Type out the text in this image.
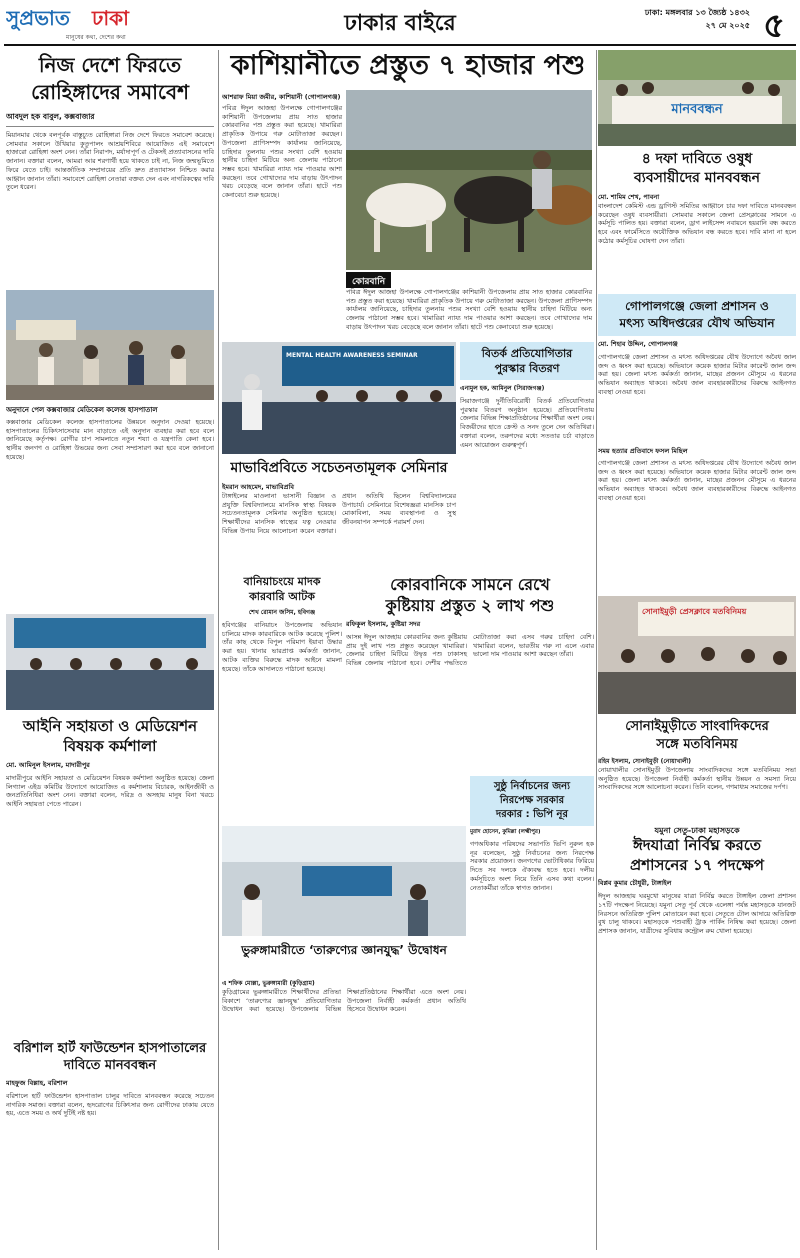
সুপ্রভাত ঢাকা
মানুষের কথা, দেশের কথা
ঢাকার বাইরে	ঢাকা: মঙ্গলবার ১৩ জ্যৈষ্ঠ ১৪৩২
২৭ মে ২০২৫ ৫
নিজ দেশে ফিরতে
রোহিঙ্গাদের সমাবেশ
আবদুল হক বাবুল, কক্সবাজার
মিয়ানমার থেকে বলপূর্বক বাস্তুচ্যুত রোহিঙ্গারা নিজ দেশে ফিরতে সমাবেশ করেছে। সোমবার সকালে উখিয়ার কুতুপালং আশ্রয়শিবিরে আয়োজিত এই সমাবেশে হাজারো রোহিঙ্গা অংশ নেন। তাঁরা নিরাপদ, মর্যাদাপূর্ণ ও টেকসই প্রত্যাবাসনের দাবি জানান। বক্তারা বলেন, আমরা আর শরণার্থী হয়ে থাকতে চাই না, নিজ জন্মভূমিতে ফিরে যেতে চাই। আন্তর্জাতিক সম্প্রদায়ের প্রতি দ্রুত প্রত্যাবাসন নিশ্চিত করার আহ্বান জানান তাঁরা। সমাবেশে রোহিঙ্গা নেতারা বক্তব্য দেন এবং নাগরিকত্বের দাবি তুলে ধরেন।
অনুদানে পেল কক্সবাজার মেডিকেল কলেজ হাসপাতাল
কক্সবাজার মেডিকেল কলেজ হাসপাতালের উন্নয়নে অনুদান দেওয়া হয়েছে। হাসপাতালের চিকিৎসাসেবার মান বাড়াতে এই অনুদান ব্যবহার করা হবে বলে জানিয়েছে কর্তৃপক্ষ। রোগীর চাপ সামলাতে নতুন শয্যা ও যন্ত্রপাতি কেনা হবে। স্থানীয় জনগণ ও রোহিঙ্গা উভয়ের জন্য সেবা সম্প্রসারণ করা হবে বলে জানানো হয়েছে।
কাশিয়ানীতে প্রস্তুত ৭ হাজার পশু
আশরাফ মিয়া জমীর, কাশিয়ানী (গোপালগঞ্জ)
পবিত্র ঈদুল আজহা উপলক্ষে গোপালগঞ্জের কাশিয়ানী উপজেলায় প্রায় সাত হাজার কোরবানির পশু প্রস্তুত করা হয়েছে। খামারিরা প্রাকৃতিক উপায়ে গরু মোটাতাজা করছেন। উপজেলা প্রাণিসম্পদ কার্যালয় জানিয়েছে, চাহিদার তুলনায় পশুর সংখ্যা বেশি হওয়ায় স্থানীয় চাহিদা মিটিয়ে অন্য জেলায় পাঠানো সম্ভব হবে। খামারিরা ন্যায্য দাম পাওয়ার আশা করছেন। তবে গোখাদ্যের দাম বাড়ায় উৎপাদন খরচ বেড়েছে বলে জানান তাঁরা। হাটে পশু কেনাবেচা শুরু হয়েছে।
কোরবানি
পবিত্র ঈদুল আজহা উপলক্ষে গোপালগঞ্জের কাশিয়ানী উপজেলায় প্রায় সাত হাজার কোরবানির পশু প্রস্তুত করা হয়েছে। খামারিরা প্রাকৃতিক উপায়ে গরু মোটাতাজা করছেন। উপজেলা প্রাণিসম্পদ কার্যালয় জানিয়েছে, চাহিদার তুলনায় পশুর সংখ্যা বেশি হওয়ায় স্থানীয় চাহিদা মিটিয়ে অন্য জেলায় পাঠানো সম্ভব হবে। খামারিরা ন্যায্য দাম পাওয়ার আশা করছেন। তবে গোখাদ্যের দাম বাড়ায় উৎপাদন খরচ বেড়েছে বলে জানান তাঁরা। হাটে পশু কেনাবেচা শুরু হয়েছে।
মানববন্ধন
৪ দফা দাবিতে ওষুধ
ব্যবসায়ীদের মানববন্ধন
মো. শামিম শেখ, পাবনা
বাংলাদেশ কেমিস্ট এন্ড ড্রাগিস্ট সমিতির আহ্বানে চার দফা দাবিতে মানববন্ধন করেছেন ওষুধ ব্যবসায়ীরা। সোমবার সকালে জেলা প্রেসক্লাবের সামনে এ কর্মসূচি পালিত হয়। বক্তারা বলেন, ড্রাগ লাইসেন্স নবায়নে হয়রানি বন্ধ করতে হবে এবং ফার্মেসিতে অযৌক্তিক অভিযান বন্ধ করতে হবে। দাবি মানা না হলে কঠোর কর্মসূচির ঘোষণা দেন তাঁরা।
MENTAL HEALTH AWARENESS SEMINAR	বিতর্ক প্রতিযোগিতার
পুরস্কার বিতরণ
এনামুল হক, আমিনুল (সিরাজগঞ্জ)
সিরাজগঞ্জে দুর্নীতিবিরোধী বিতর্ক প্রতিযোগিতার পুরস্কার বিতরণ অনুষ্ঠান হয়েছে। প্রতিযোগিতায় জেলার বিভিন্ন শিক্ষাপ্রতিষ্ঠানের শিক্ষার্থীরা অংশ নেয়। বিজয়ীদের হাতে ক্রেস্ট ও সনদ তুলে দেন অতিথিরা। বক্তারা বলেন, তরুণদের মধ্যে সততার চর্চা বাড়াতে এমন আয়োজন গুরুত্বপূর্ণ।
মাভাবিপ্রবিতে সচেতনতামূলক সেমিনার
ইমরান আহমেদ, মাভাবিপ্রবি
টাঙ্গাইলের মাওলানা ভাসানী বিজ্ঞান ও প্রযুক্তি বিশ্ববিদ্যালয়ে মানসিক স্বাস্থ্য বিষয়ক সচেতনতামূলক সেমিনার অনুষ্ঠিত হয়েছে। শিক্ষার্থীদের মানসিক স্বাস্থ্যের যত্ন নেওয়ার বিভিন্ন উপায় নিয়ে আলোচনা করেন বক্তারা। প্রধান অতিথি ছিলেন বিশ্ববিদ্যালয়ের উপাচার্য। সেমিনারে বিশেষজ্ঞরা মানসিক চাপ মোকাবিলা, সময় ব্যবস্থাপনা ও সুস্থ জীবনযাপন সম্পর্কে পরামর্শ দেন।
গোপালগঞ্জে জেলা প্রশাসন ও
মৎস্য অধিদপ্তরের যৌথ অভিযান
মো. শিহাব উদ্দিন, গোপালগঞ্জ
গোপালগঞ্জে জেলা প্রশাসন ও মৎস্য অধিদপ্তরের যৌথ উদ্যোগে অবৈধ জাল জব্দ ও ধ্বংস করা হয়েছে। অভিযানে কয়েক হাজার মিটার কারেন্ট জাল জব্দ করা হয়। জেলা মৎস্য কর্মকর্তা জানান, মাছের প্রজনন মৌসুমে এ ধরনের অভিযান অব্যাহত থাকবে। অবৈধ জাল ব্যবহারকারীদের বিরুদ্ধে আইনগত ব্যবস্থা নেওয়া হবে।
সময় হত্যার প্রতিবাদে ফসল মিছিল
গোপালগঞ্জে জেলা প্রশাসন ও মৎস্য অধিদপ্তরের যৌথ উদ্যোগে অবৈধ জাল জব্দ ও ধ্বংস করা হয়েছে। অভিযানে কয়েক হাজার মিটার কারেন্ট জাল জব্দ করা হয়। জেলা মৎস্য কর্মকর্তা জানান, মাছের প্রজনন মৌসুমে এ ধরনের অভিযান অব্যাহত থাকবে। অবৈধ জাল ব্যবহারকারীদের বিরুদ্ধে আইনগত ব্যবস্থা নেওয়া হবে।
বানিয়াচংয়ে মাদক
কারবারি আটক
শেখ রোমান জসিম, হবিগঞ্জ
হবিগঞ্জের বানিয়াচং উপজেলায় অভিযান চালিয়ে মাদক কারবারিকে আটক করেছে পুলিশ। তাঁর কাছ থেকে বিপুল পরিমাণ ইয়াবা উদ্ধার করা হয়। থানার ভারপ্রাপ্ত কর্মকর্তা জানান, আটক ব্যক্তির বিরুদ্ধে মাদক আইনে মামলা হয়েছে। তাঁকে আদালতে পাঠানো হয়েছে।
কোরবানিকে সামনে রেখে
কুষ্টিয়ায় প্রস্তুত ২ লাখ পশু
রফিকুল ইসলাম, কুষ্টিয়া সদর
আসন্ন ঈদুল আজহায় কোরবানির জন্য কুষ্টিয়ায় প্রায় দুই লাখ পশু প্রস্তুত করেছেন খামারিরা। জেলার চাহিদা মিটিয়ে উদ্বৃত্ত পশু ঢাকাসহ বিভিন্ন জেলায় পাঠানো হবে। দেশীয় পদ্ধতিতে মোটাতাজা করা এসব গরুর চাহিদা বেশি। খামারিরা বলেন, ভারতীয় গরু না এলে এবার ভালো দাম পাওয়ার আশা করছেন তাঁরা।
সুষ্ঠু নির্বাচনের জন্য
নিরপেক্ষ সরকার
দরকার : ভিপি নূর
মুরাদ হোসেন, কুমিল্লা (লক্ষ্মীপুর)
গণঅধিকার পরিষদের সভাপতি ভিপি নুরুল হক নূর বলেছেন, সুষ্ঠু নির্বাচনের জন্য নিরপেক্ষ সরকার প্রয়োজন। জনগণের ভোটাধিকার ফিরিয়ে দিতে সব দলকে ঐক্যবদ্ধ হতে হবে। দলীয় কর্মসূচিতে অংশ নিয়ে তিনি এসব কথা বলেন। নেতাকর্মীরা তাঁকে স্বাগত জানান।
সোনাইমুড়ী প্রেসক্লাবে মতবিনিময়
সোনাইমুড়ীতে সাংবাদিকদের
সঙ্গে মতবিনিময়
রহিম ইসলাম, সোনাইমুড়ী (নোয়াখালী)
নোয়াখালীর সোনাইমুড়ী উপজেলায় সাংবাদিকদের সঙ্গে মতবিনিময় সভা অনুষ্ঠিত হয়েছে। উপজেলা নির্বাহী কর্মকর্তা স্থানীয় উন্নয়ন ও সমস্যা নিয়ে সাংবাদিকদের সঙ্গে আলোচনা করেন। তিনি বলেন, গণমাধ্যম সমাজের দর্পণ।
যমুনা সেতু-ঢাকা মহাসড়কে
ঈদযাত্রা নির্বিঘ্ন করতে
প্রশাসনের ১৭ পদক্ষেপ
বিপ্লব কুমার চৌধুরী, টাঙ্গাইল
ঈদুল আজহায় ঘরমুখো মানুষের যাত্রা নির্বিঘ্ন করতে টাঙ্গাইল জেলা প্রশাসন ১৭টি পদক্ষেপ নিয়েছে। যমুনা সেতু পূর্ব থেকে এলেঙ্গা পর্যন্ত মহাসড়কে যানজট নিরসনে অতিরিক্ত পুলিশ মোতায়েন করা হবে। সেতুতে টোল আদায়ে অতিরিক্ত বুথ চালু থাকবে। মহাসড়কে পশুবাহী ট্রাক পার্কিং নিষিদ্ধ করা হয়েছে। জেলা প্রশাসক জানান, যাত্রীদের সুবিধায় কন্ট্রোল রুম খোলা হয়েছে।
আইনি সহায়তা ও মেডিয়েশন
বিষয়ক কর্মশালা
মো. আমিনুল ইসলাম, মাদারীপুর
মাদারীপুরে আইনি সহায়তা ও মেডিয়েশন বিষয়ক কর্মশালা অনুষ্ঠিত হয়েছে। জেলা লিগ্যাল এইড কমিটির উদ্যোগে আয়োজিত এ কর্মশালায় বিচারক, আইনজীবী ও জনপ্রতিনিধিরা অংশ নেন। বক্তারা বলেন, দরিদ্র ও অসহায় মানুষ বিনা খরচে আইনি সহায়তা পেতে পারেন।
বরিশাল হার্ট ফাউন্ডেশন হাসপাতালের দাবিতে মানববন্ধন
মাহফুজ বিল্লাহ, বরিশাল
বরিশালে হার্ট ফাউন্ডেশন হাসপাতাল চালুর দাবিতে মানববন্ধন করেছে সচেতন নাগরিক সমাজ। বক্তারা বলেন, হৃদরোগের চিকিৎসার জন্য রোগীদের ঢাকায় যেতে হয়, এতে সময় ও অর্থ দুটিই নষ্ট হয়।
ভুরুঙ্গামারীতে ‘তারুণ্যের জ্ঞানযুদ্ধ’ উদ্বোধন
এ শফিক মোল্লা, ভুরুঙ্গামারী (কুড়িগ্রাম)
কুড়িগ্রামের ভুরুঙ্গামারীতে শিক্ষার্থীদের প্রতিভা বিকাশে ‘তারুণ্যের জ্ঞানযুদ্ধ’ প্রতিযোগিতার উদ্বোধন করা হয়েছে। উপজেলার বিভিন্ন শিক্ষাপ্রতিষ্ঠানের শিক্ষার্থীরা এতে অংশ নেয়। উপজেলা নির্বাহী কর্মকর্তা প্রধান অতিথি হিসেবে উদ্বোধন করেন।
